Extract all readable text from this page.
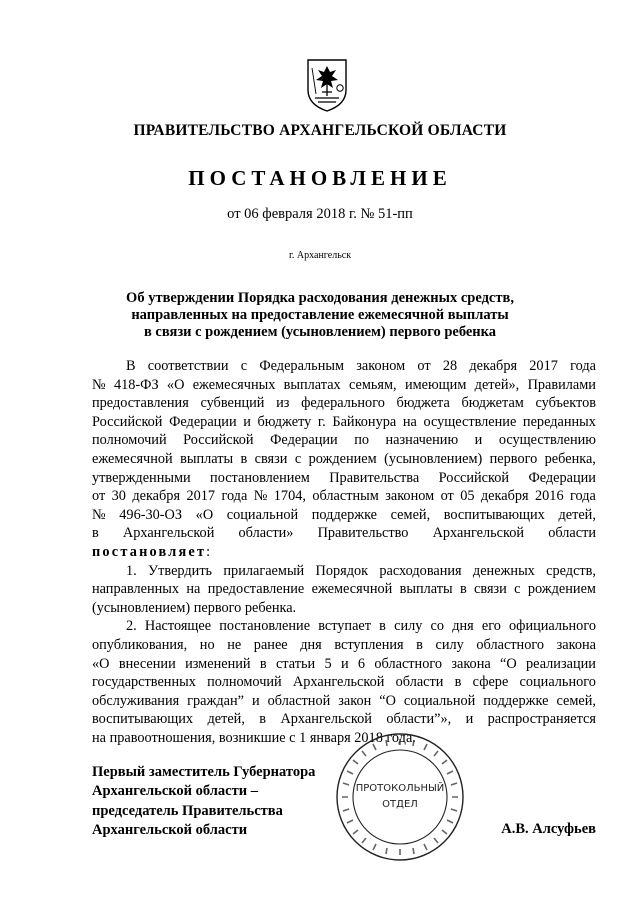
ПРАВИТЕЛЬСТВО АРХАНГЕЛЬСКОЙ ОБЛАСТИ
ПОСТАНОВЛЕНИЕ
от 06 февраля 2018 г. № 51-пп
г. Архангельск
Об утверждении Порядка расходования денежных средств,
направленных на предоставление ежемесячной выплаты
в связи с рождением (усыновлением) первого ребенка
В соответствии с Федеральным законом от 28 декабря 2017 года
№ 418-ФЗ «О ежемесячных выплатах семьям, имеющим детей», Правилами
предоставления субвенций из федерального бюджета бюджетам субъектов
Российской Федерации и бюджету г. Байконура на осуществление переданных
полномочий Российской Федерации по назначению и осуществлению
ежемесячной выплаты в связи с рождением (усыновлением) первого ребенка,
утвержденными постановлением Правительства Российской Федерации
от 30 декабря 2017 года № 1704, областным законом от 05 декабря 2016 года
№ 496-30-ОЗ «О социальной поддержке семей, воспитывающих детей,
в Архангельской области» Правительство Архангельской области
постановляет:
1. Утвердить прилагаемый Порядок расходования денежных средств,
направленных на предоставление ежемесячной выплаты в связи с рождением
(усыновлением) первого ребенка.
2. Настоящее постановление вступает в силу со дня его официального
опубликования, но не ранее дня вступления в силу областного закона
«О внесении изменений в статьи 5 и 6 областного закона “О реализации
государственных полномочий Архангельской области в сфере социального
обслуживания граждан” и областной закон “О социальной поддержке семей,
воспитывающих детей, в Архангельской области”», и распространяется
на правоотношения, возникшие с 1 января 2018 года.
Первый заместитель Губернатора
Архангельской области –
председатель Правительства
Архангельской области	А.В. Алсуфьев
ПРОТОКОЛЬНЫЙ
ОТДЕЛ
